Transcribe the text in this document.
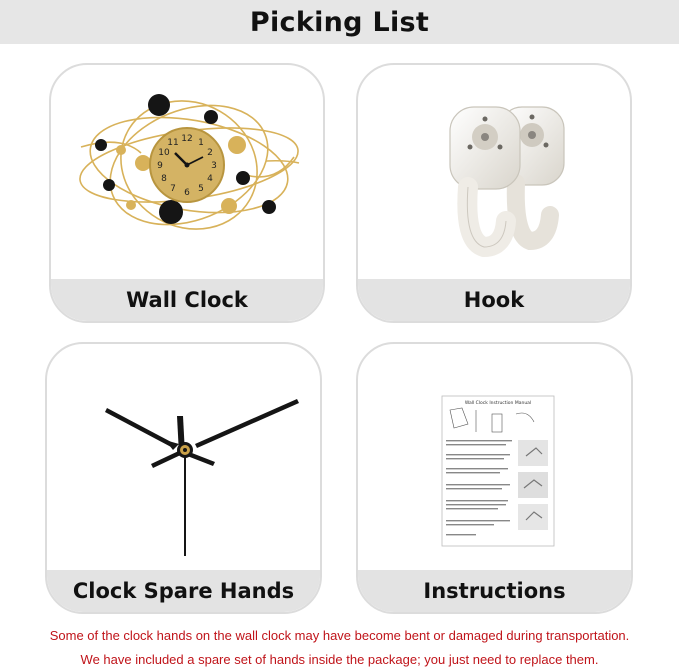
Picking List
12 1
2
3
4
5
6
7
8
9
10
11
Wall Clock	Hook
Clock Spare Hands
Wall Clock Instruction Manual
Instructions
Some of the clock hands on the wall clock may have become bent or damaged during transportation.
We have included a spare set of hands inside the package; you just need to replace them.
